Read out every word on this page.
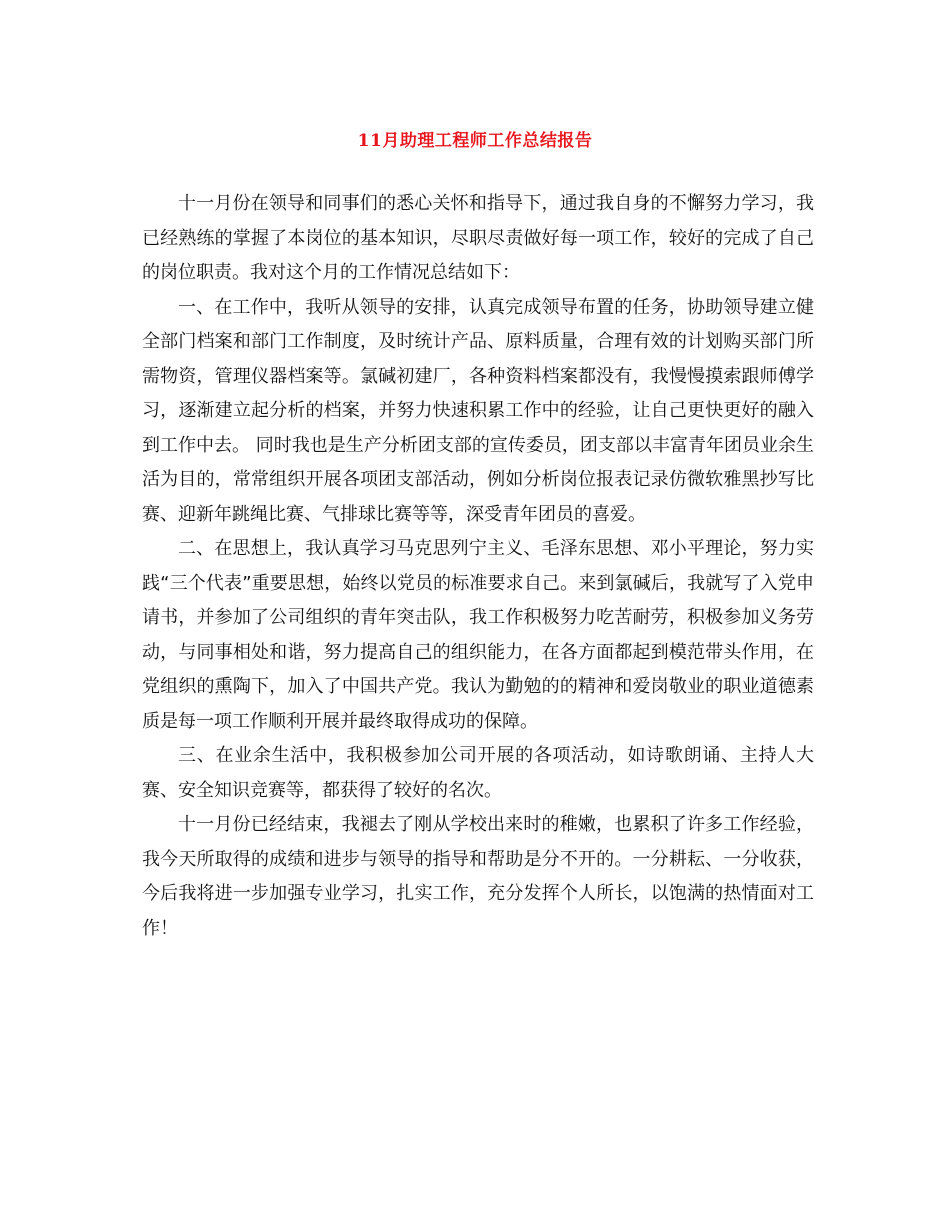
11月助理工程师工作总结报告

十一月份在领导和同事们的悉心关怀和指导下，通过我自身的不懈努力学习，我已经熟练的掌握了本岗位的基本知识，尽职尽责做好每一项工作，较好的完成了自己的岗位职责。我对这个月的工作情况总结如下：

一、在工作中，我听从领导的安排，认真完成领导布置的任务，协助领导建立健全部门档案和部门工作制度，及时统计产品、原料质量，合理有效的计划购买部门所需物资，管理仪器档案等。氯碱初建厂，各种资料档案都没有，我慢慢摸索跟师傅学习，逐渐建立起分析的档案，并努力快速积累工作中的经验，让自己更快更好的融入到工作中去。 同时我也是生产分析团支部的宣传委员，团支部以丰富青年团员业余生活为目的，常常组织开展各项团支部活动，例如分析岗位报表记录仿微软雅黑抄写比赛、迎新年跳绳比赛、气排球比赛等等，深受青年团员的喜爱。

二、在思想上，我认真学习马克思列宁主义、毛泽东思想、邓小平理论，努力实践“三个代表”重要思想，始终以党员的标准要求自己。来到氯碱后，我就写了入党申请书，并参加了公司组织的青年突击队，我工作积极努力吃苦耐劳，积极参加义务劳动，与同事相处和谐，努力提高自己的组织能力，在各方面都起到模范带头作用，在党组织的熏陶下，加入了中国共产党。我认为勤勉的的精神和爱岗敬业的职业道德素质是每一项工作顺利开展并最终取得成功的保障。

三、在业余生活中，我积极参加公司开展的各项活动，如诗歌朗诵、主持人大赛、安全知识竞赛等，都获得了较好的名次。

十一月份已经结束，我褪去了刚从学校出来时的稚嫩，也累积了许多工作经验，我今天所取得的成绩和进步与领导的指导和帮助是分不开的。一分耕耘、一分收获，今后我将进一步加强专业学习，扎实工作，充分发挥个人所长，以饱满的热情面对工作！
